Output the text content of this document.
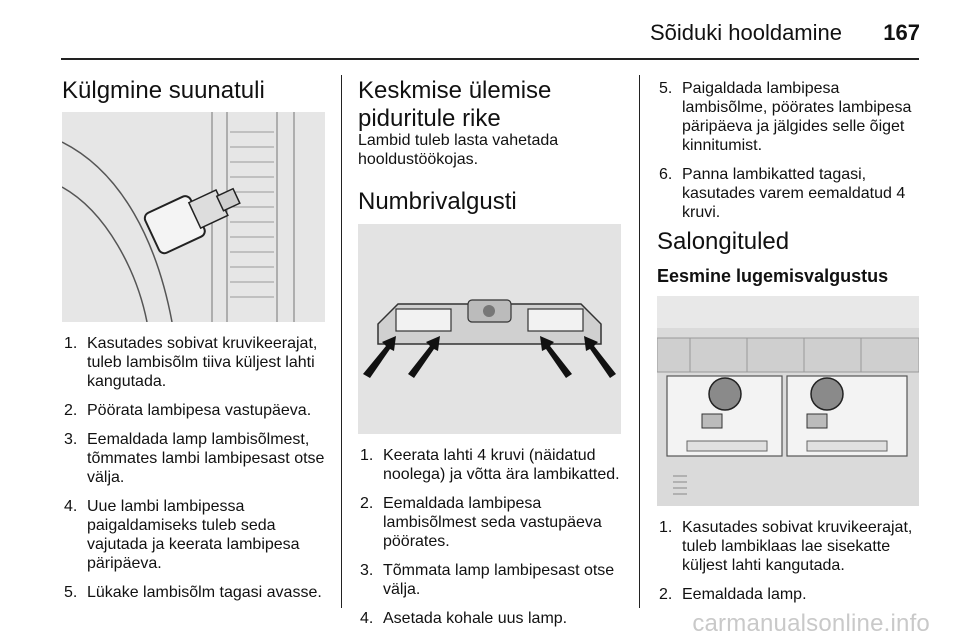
Sõiduki hooldamine 167
Külgmine suunatuli
1. Kasutades sobivat kruvikeerajat, tuleb lambisõlm tiiva küljest lahti kangutada.
2. Pöörata lambipesa vastupäeva.
3. Eemaldada lamp lambisõlmest, tõmmates lambi lambipesast otse välja.
4. Uue lambi lambipessa paigaldamiseks tuleb seda vajutada ja keerata lambipesa päripäeva.
5. Lükake lambisõlm tagasi avasse.
Keskmise ülemise piduritule rike
Lambid tuleb lasta vahetada hooldustöökojas.
Numbrivalgusti
1. Keerata lahti 4 kruvi (näidatud noolega) ja võtta ära lambikatted.
2. Eemaldada lambipesa lambisõlmest seda vastupäeva pöörates.
3. Tõmmata lamp lambipesast otse välja.
4. Asetada kohale uus lamp.
5. Paigaldada lambipesa lambisõlme, pöörates lambipesa päripäeva ja jälgides selle õiget kinnitumist.
6. Panna lambikatted tagasi, kasutades varem eemaldatud 4 kruvi.
Salongituled
Eesmine lugemisvalgustus
1. Kasutades sobivat kruvikeerajat, tuleb lambiklaas lae sisekatte küljest lahti kangutada.
2. Eemaldada lamp.
carmanualsonline.info
